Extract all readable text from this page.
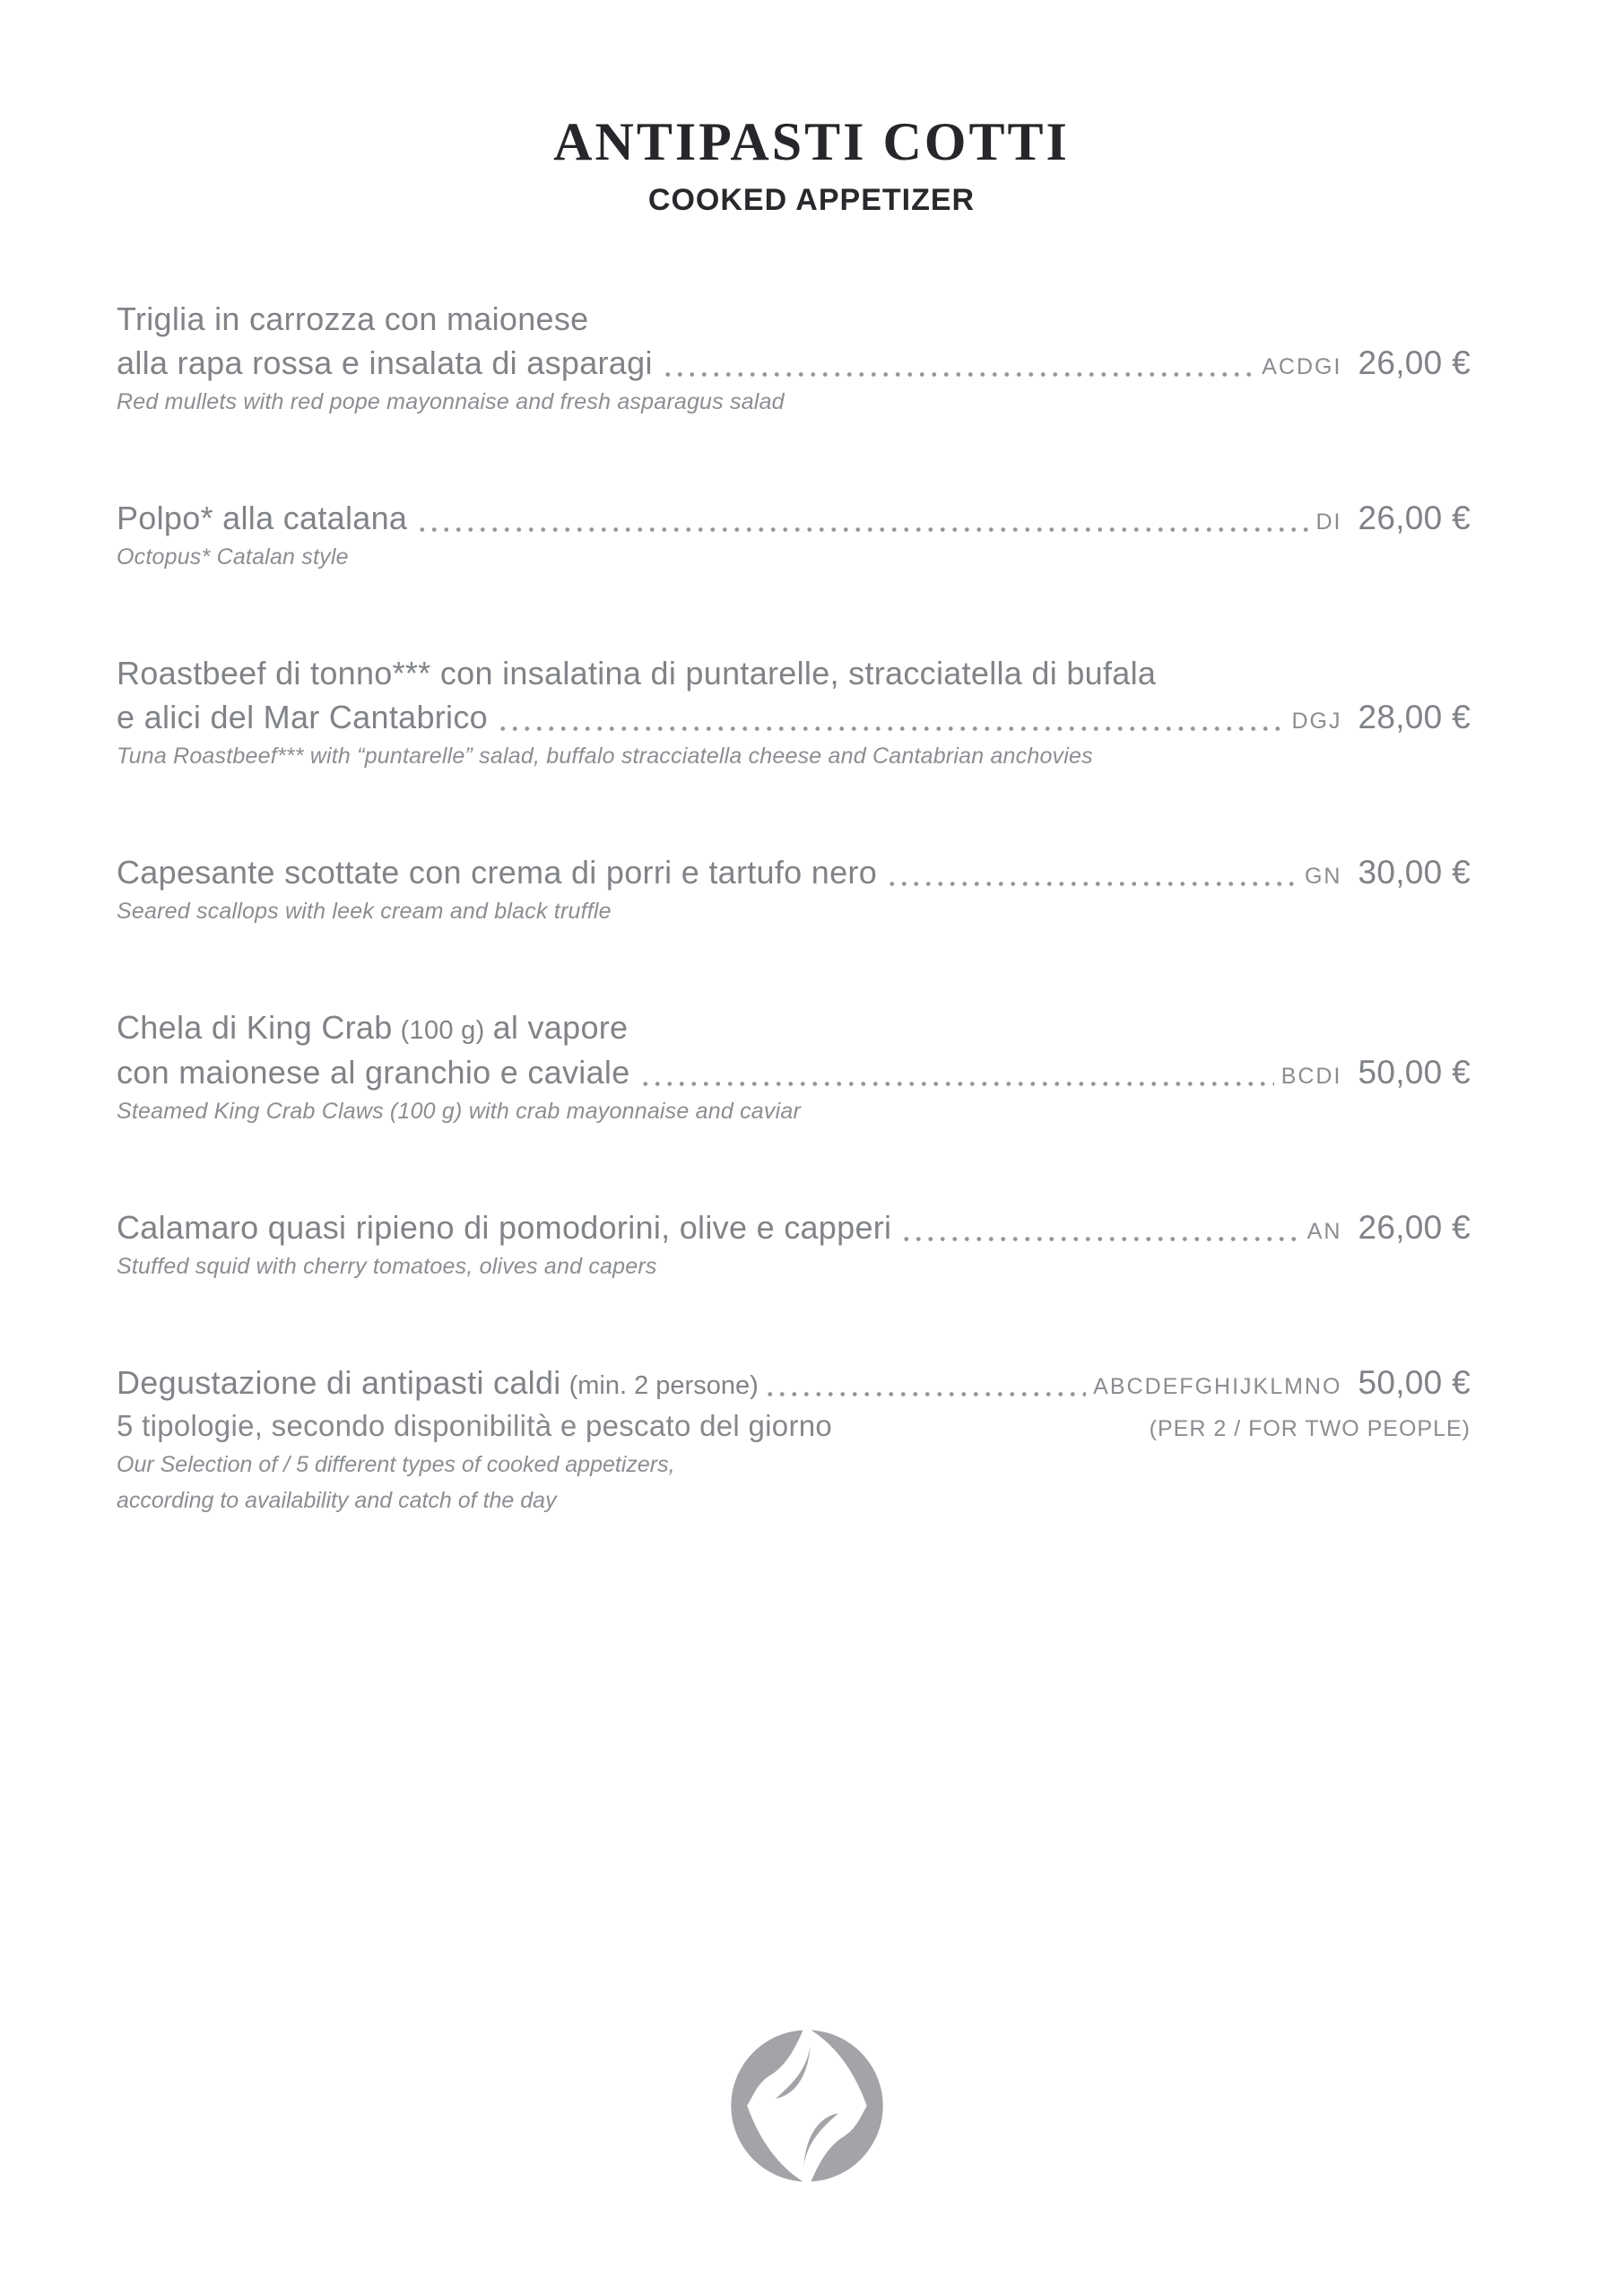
ANTIPASTI COTTI
COOKED APPETIZER
Triglia in carrozza con maionese
alla rapa rossa e insalata di asparagi	ACDGI 26,00 €
Red mullets with red pope mayonnaise and fresh asparagus salad
Polpo* alla catalana	DI 26,00 €
Octopus* Catalan style
Roastbeef di tonno*** con insalatina di puntarelle, stracciatella di bufala
e alici del Mar Cantabrico	DGJ 28,00 €
Tuna Roastbeef*** with “puntarelle” salad, buffalo stracciatella cheese and Cantabrian anchovies
Capesante scottate con crema di porri e tartufo nero	GN 30,00 €
Seared scallops with leek cream and black truffle
Chela di King Crab (100 g) al vapore
con maionese al granchio e caviale	BCDI 50,00 €
Steamed King Crab Claws (100 g) with crab mayonnaise and caviar
Calamaro quasi ripieno di pomodorini, olive e capperi	AN 26,00 €
Stuffed squid with cherry tomatoes, olives and capers
Degustazione di antipasti caldi (min. 2 persone)	ABCDEFGHIJKLMNO 50,00 €
5 tipologie, secondo disponibilità e pescato del giorno	(PER 2 / FOR TWO PEOPLE)
Our Selection of / 5 different types of cooked appetizers,
according to availability and catch of the day
